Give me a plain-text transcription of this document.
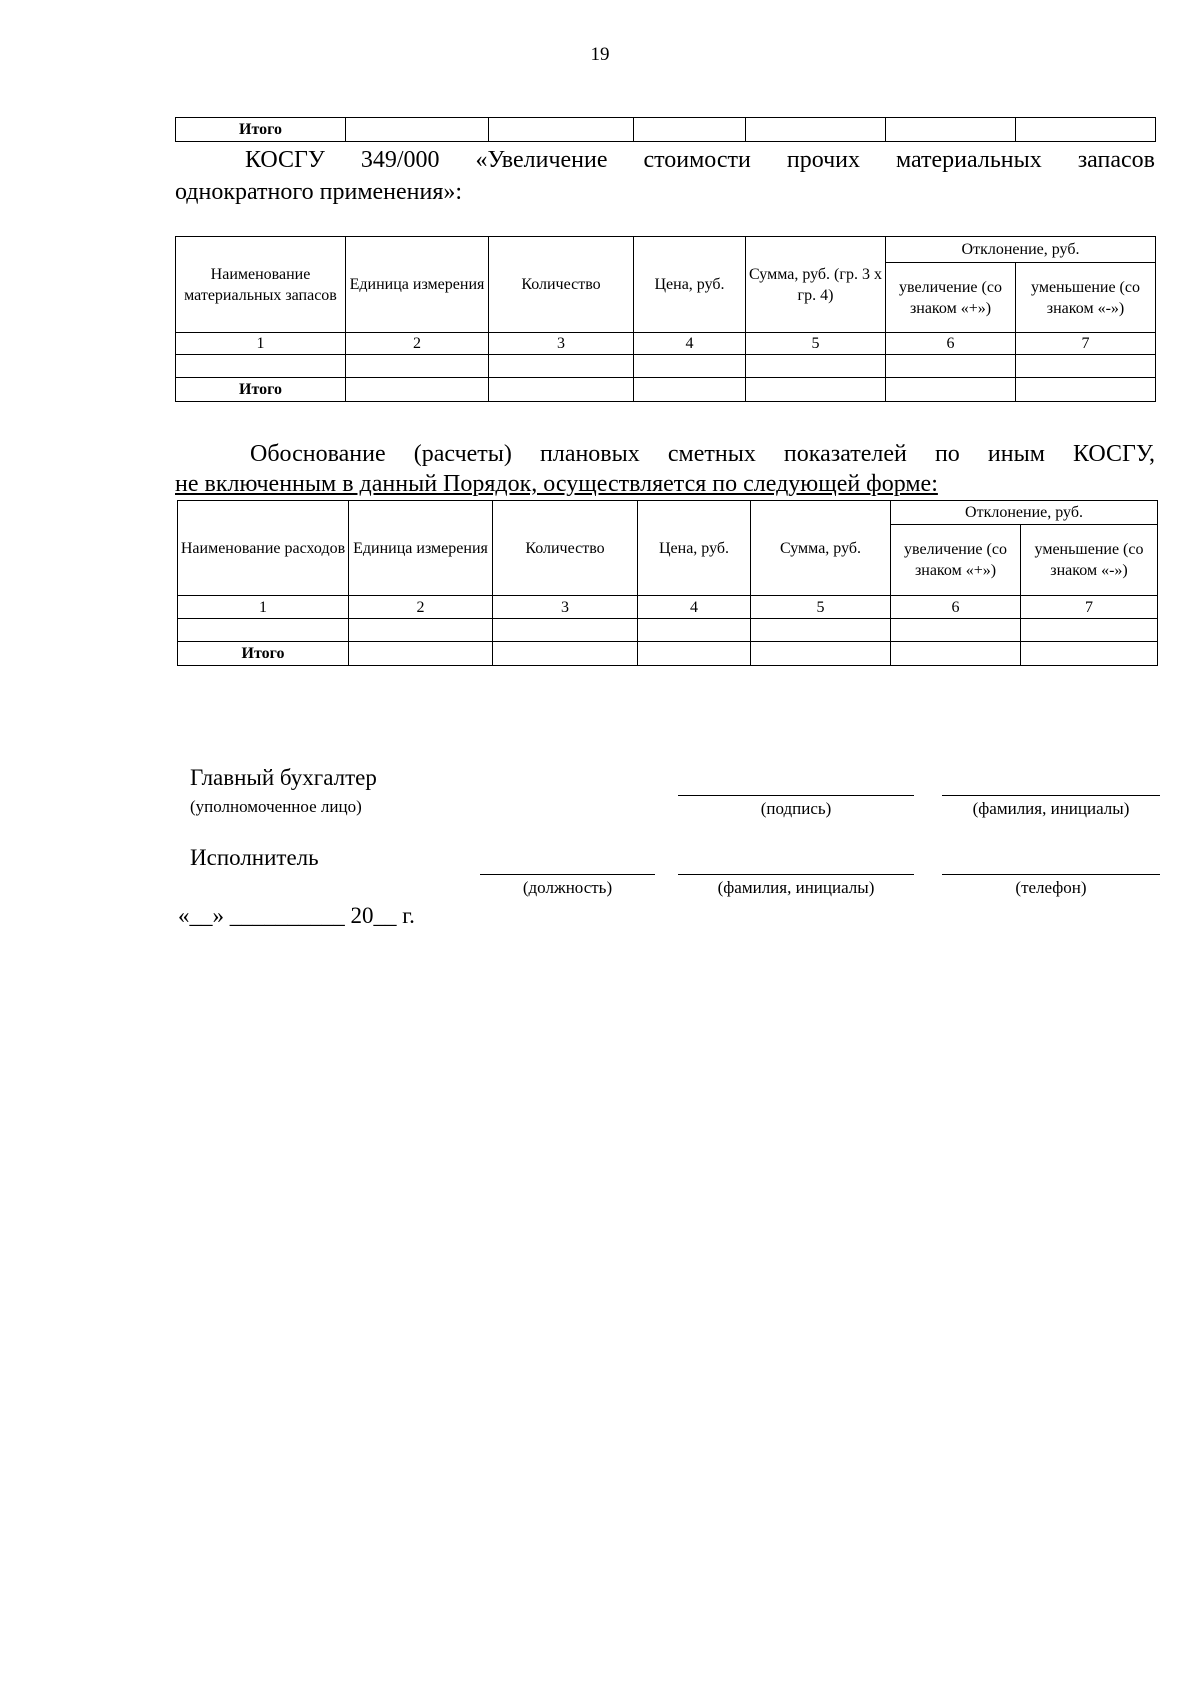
19
Итого						
КОСГУ 349/000 «Увеличение стоимости прочих материальных запасов
однократного применения»:
Наименование материальных запасов	Единица измерения	Количество	Цена, руб.	Сумма, руб. (гр. 3 x гр. 4)	Отклонение, руб.	
					увеличение (со знаком «+»)	уменьшение (со знаком «-»)
1	2	3	4	5	6	7

Итого						
Обоснование (расчеты) плановых сметных показателей по иным КОСГУ,
не включенным в данный Порядок, осуществляется по следующей форме:
Наименование расходов	Единица измерения	Количество	Цена, руб.	Сумма, руб.	Отклонение, руб.	
					увеличение (со знаком «+»)	уменьшение (со знаком «-»)
1	2	3	4	5	6	7

Итого						
Главный бухгалтер
(уполномоченное лицо)	(подпись)	(фамилия, инициалы)
Исполнитель
(должность)	(фамилия, инициалы)	(телефон)
«__» __________ 20__ г.
